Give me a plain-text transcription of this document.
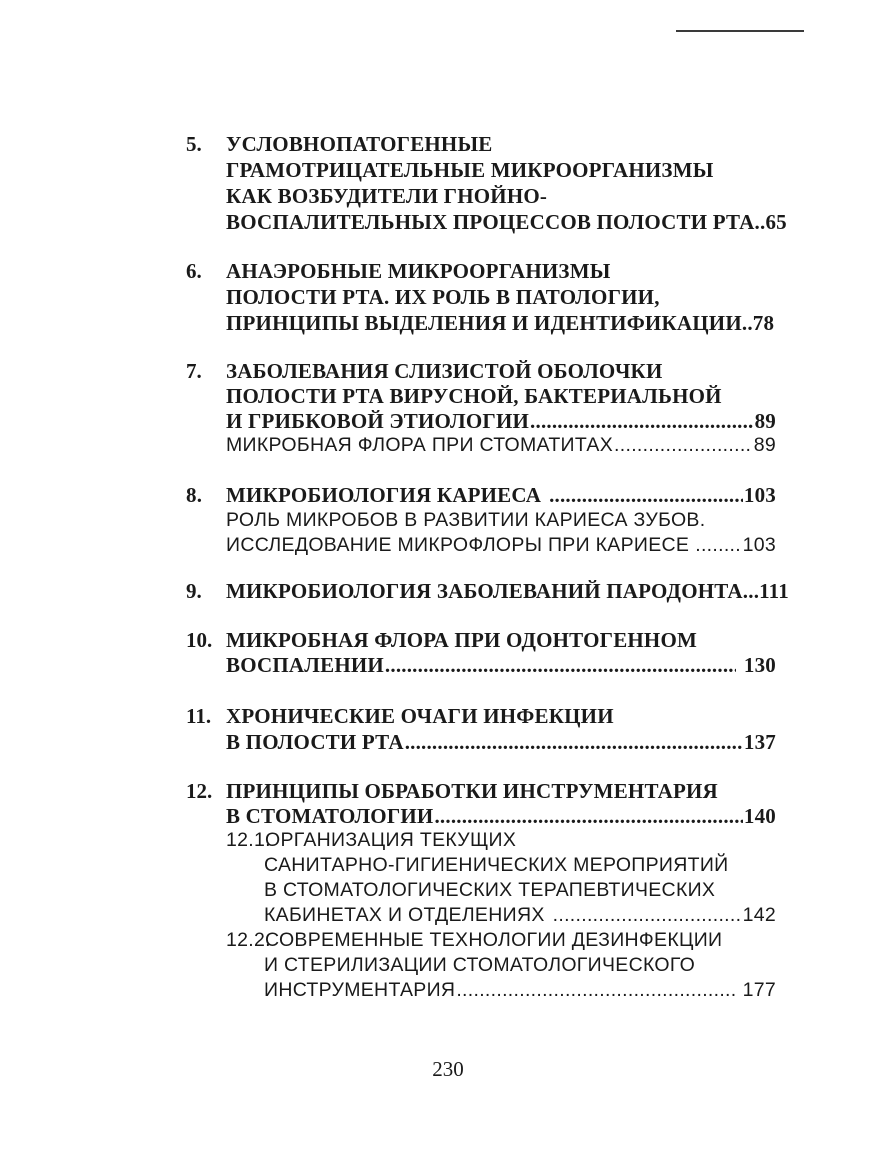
5. УСЛОВНОПАТОГЕННЫЕ
ГРАМОТРИЦАТЕЛЬНЫЕ МИКРООРГАНИЗМЫ
КАК ВОЗБУДИТЕЛИ ГНОЙНО-
ВОСПАЛИТЕЛЬНЫХ ПРОЦЕССОВ ПОЛОСТИ РТА..65
6. АНАЭРОБНЫЕ МИКРООРГАНИЗМЫ
ПОЛОСТИ РТА. ИХ РОЛЬ В ПАТОЛОГИИ,
ПРИНЦИПЫ ВЫДЕЛЕНИЯ И ИДЕНТИФИКАЦИИ..78
7. ЗАБОЛЕВАНИЯ СЛИЗИСТОЙ ОБОЛОЧКИ
ПОЛОСТИ РТА ВИРУСНОЙ, БАКТЕРИАЛЬНОЙ
И ГРИБКОВОЙ ЭТИОЛОГИИ .....	89
МИКРОБНАЯ ФЛОРА ПРИ СТОМАТИТАХ .....	89
8.	МИКРОБИОЛОГИЯ КАРИЕСА .....	103
РОЛЬ МИКРОБОВ В РАЗВИТИИ КАРИЕСА ЗУБОВ.
ИССЛЕДОВАНИЕ МИКРОФЛОРЫ ПРИ КАРИЕСЕ .....	103
9. МИКРОБИОЛОГИЯ ЗАБОЛЕВАНИЙ ПАРОДОНТА...111
10. МИКРОБНАЯ ФЛОРА ПРИ ОДОНТОГЕННОМ
ВОСПАЛЕНИИ .....	130
11. ХРОНИЧЕСКИЕ ОЧАГИ ИНФЕКЦИИ
В ПОЛОСТИ РТА .....	137
12. ПРИНЦИПЫ ОБРАБОТКИ ИНСТРУМЕНТАРИЯ
В СТОМАТОЛОГИИ .....	140
12.1.
ОРГАНИЗАЦИЯ ТЕКУЩИХ
САНИТАРНО-ГИГИЕНИЧЕСКИХ МЕРОПРИЯТИЙ
В СТОМАТОЛОГИЧЕСКИХ ТЕРАПЕВТИЧЕСКИХ
КАБИНЕТАХ И ОТДЕЛЕНИЯХ .....	142
12.2.
СОВРЕМЕННЫЕ ТЕХНОЛОГИИ ДЕЗИНФЕКЦИИ
И СТЕРИЛИЗАЦИИ СТОМАТОЛОГИЧЕСКОГО
ИНСТРУМЕНТАРИЯ .....	177
230
